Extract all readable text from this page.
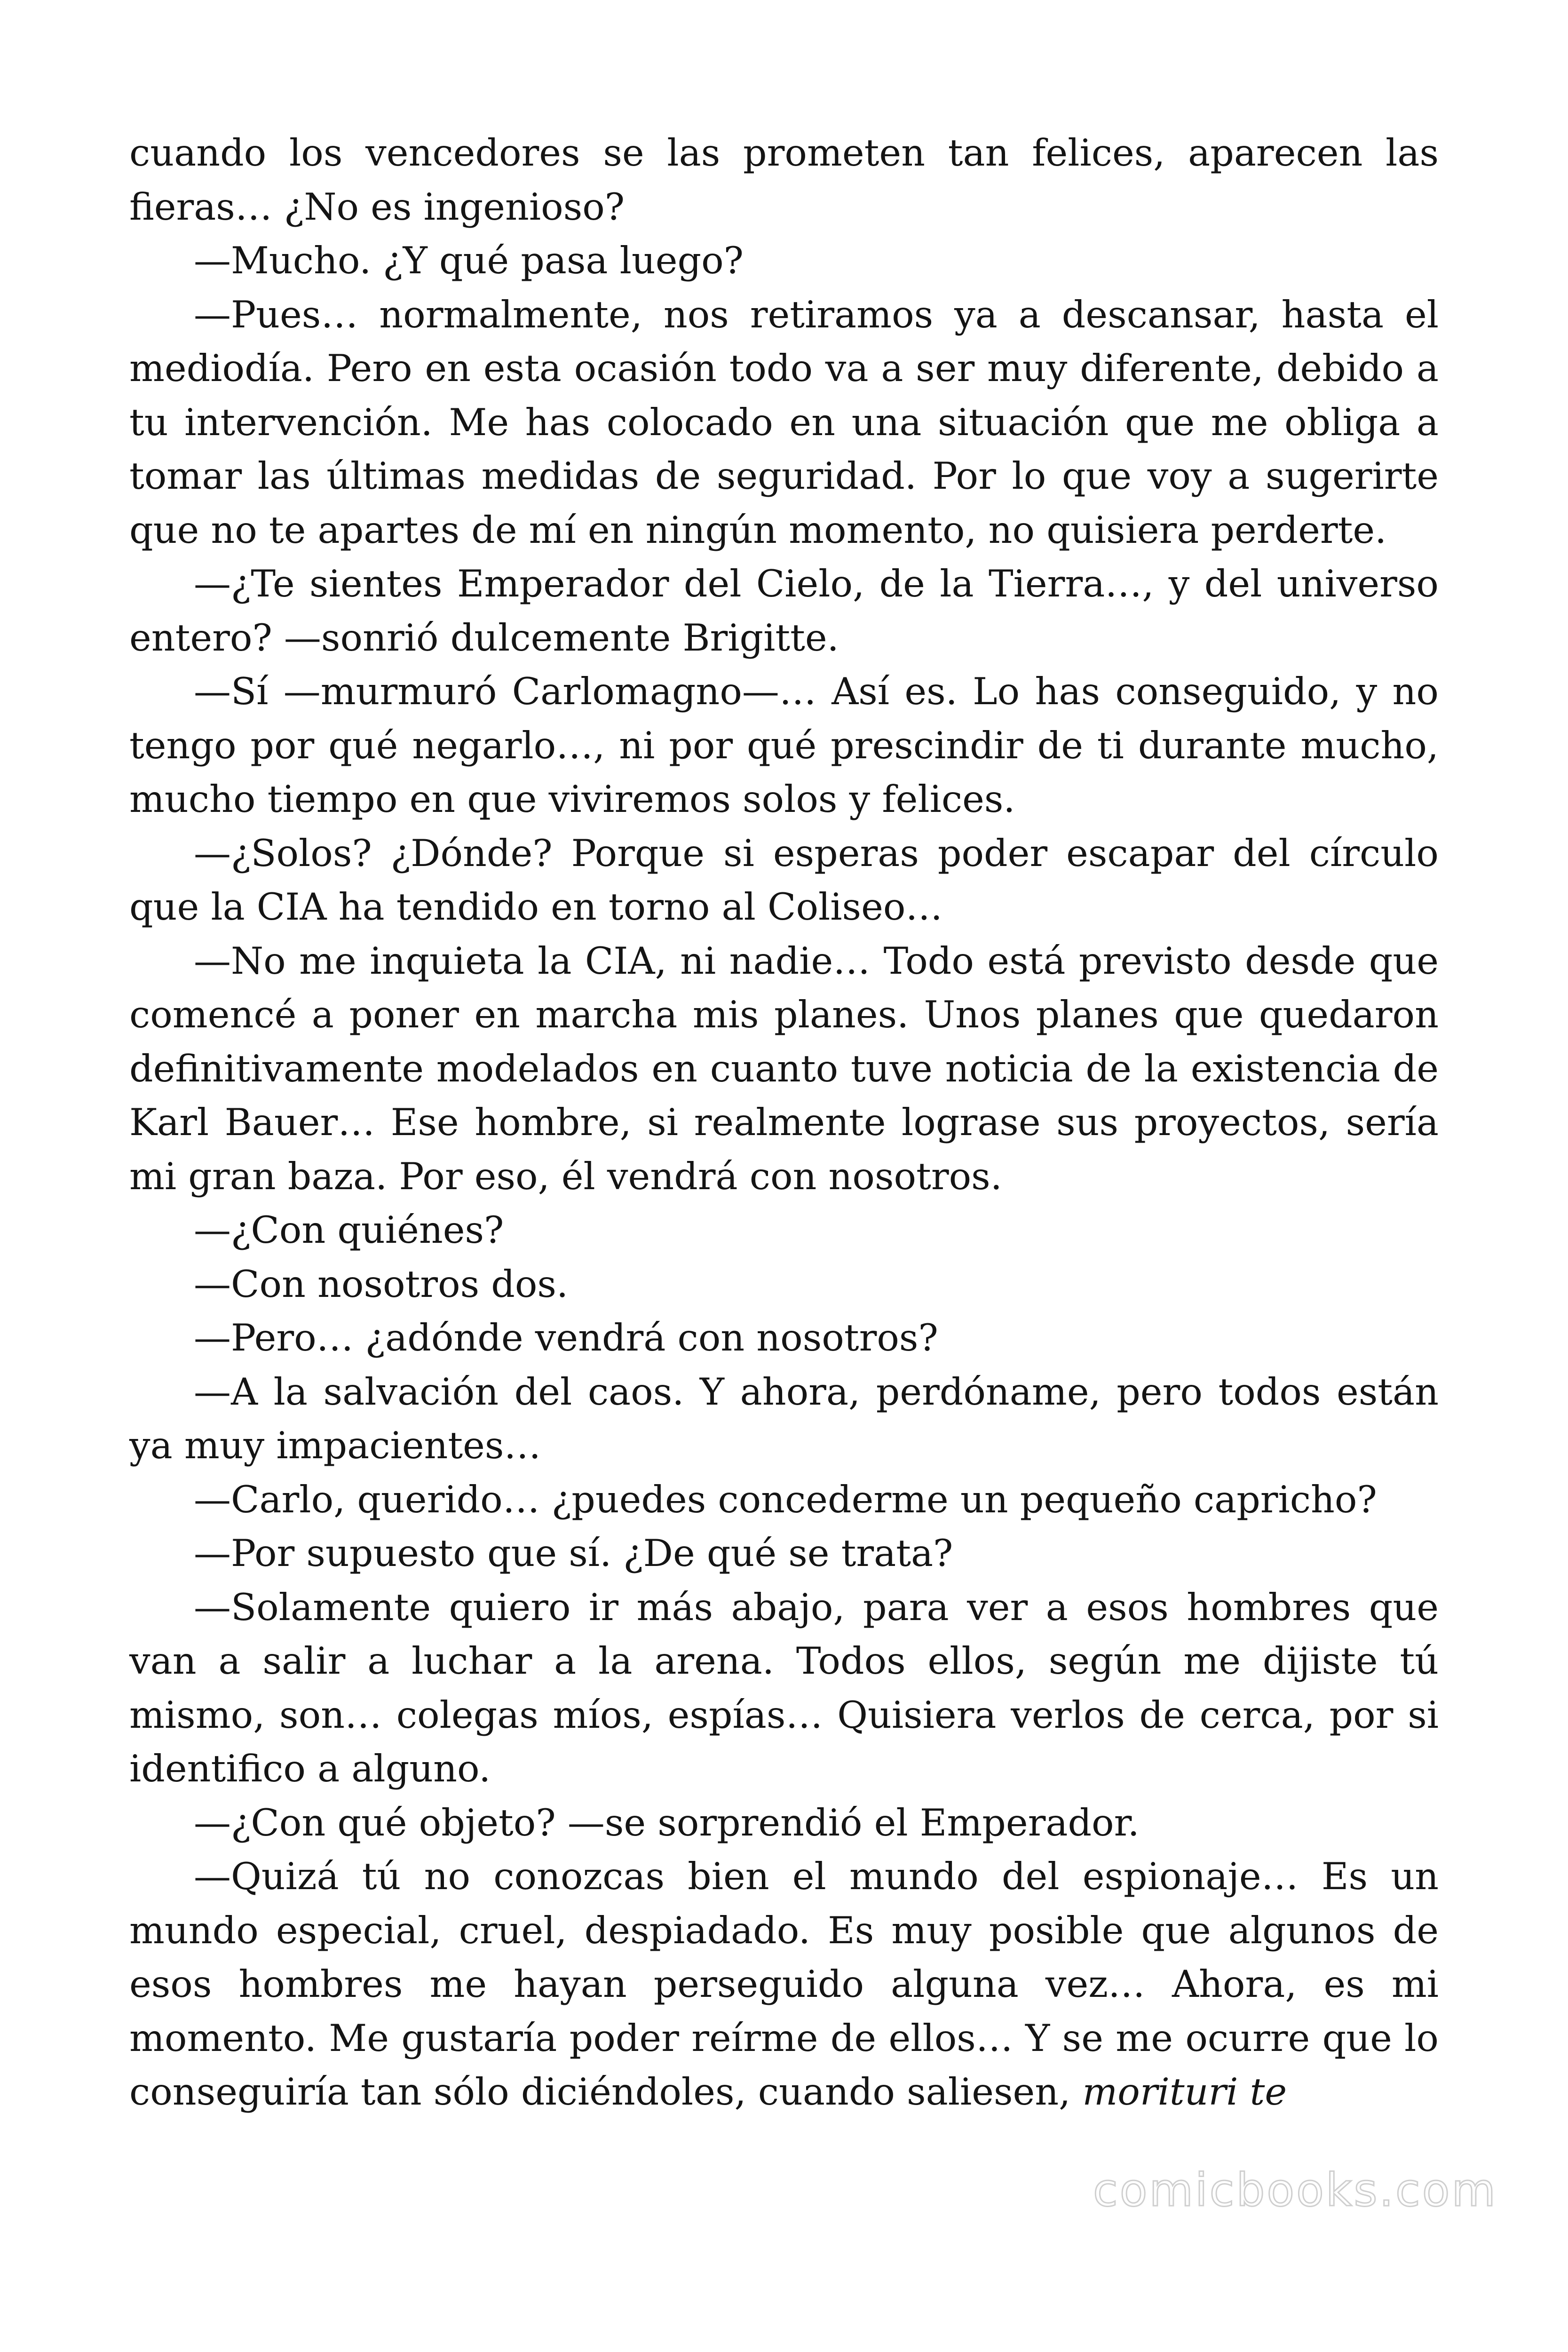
cuando los vencedores se las prometen tan felices, aparecen las fieras… ¿No es ingenioso?

—Mucho. ¿Y qué pasa luego?

—Pues… normalmente, nos retiramos ya a descansar, hasta el mediodía. Pero en esta ocasión todo va a ser muy diferente, debido a tu intervención. Me has colocado en una situación que me obliga a tomar las últimas medidas de seguridad. Por lo que voy a sugerirte que no te apartes de mí en ningún momento, no quisiera perderte.

—¿Te sientes Emperador del Cielo, de la Tierra…, y del universo entero? —sonrió dulcemente Brigitte.

—Sí —murmuró Carlomagno—… Así es. Lo has conseguido, y no tengo por qué negarlo…, ni por qué prescindir de ti durante mucho, mucho tiempo en que viviremos solos y felices.

—¿Solos? ¿Dónde? Porque si esperas poder escapar del círculo que la CIA ha tendido en torno al Coliseo…

—No me inquieta la CIA, ni nadie… Todo está previsto desde que comencé a poner en marcha mis planes. Unos planes que quedaron definitivamente modelados en cuanto tuve noticia de la existencia de Karl Bauer… Ese hombre, si realmente lograse sus proyectos, sería mi gran baza. Por eso, él vendrá con nosotros.

—¿Con quiénes?

—Con nosotros dos.

—Pero… ¿adónde vendrá con nosotros?

—A la salvación del caos. Y ahora, perdóname, pero todos están ya muy impacientes…

—Carlo, querido… ¿puedes concederme un pequeño capricho?

—Por supuesto que sí. ¿De qué se trata?

—Solamente quiero ir más abajo, para ver a esos hombres que van a salir a luchar a la arena. Todos ellos, según me dijiste tú mismo, son… colegas míos, espías… Quisiera verlos de cerca, por si identifico a alguno.

—¿Con qué objeto? —se sorprendió el Emperador.

—Quizá tú no conozcas bien el mundo del espionaje… Es un mundo especial, cruel, despiadado. Es muy posible que algunos de esos hombres me hayan perseguido alguna vez… Ahora, es mi momento. Me gustaría poder reírme de ellos… Y se me ocurre que lo conseguiría tan sólo diciéndoles, cuando saliesen, morituri te

comicbooks.com
